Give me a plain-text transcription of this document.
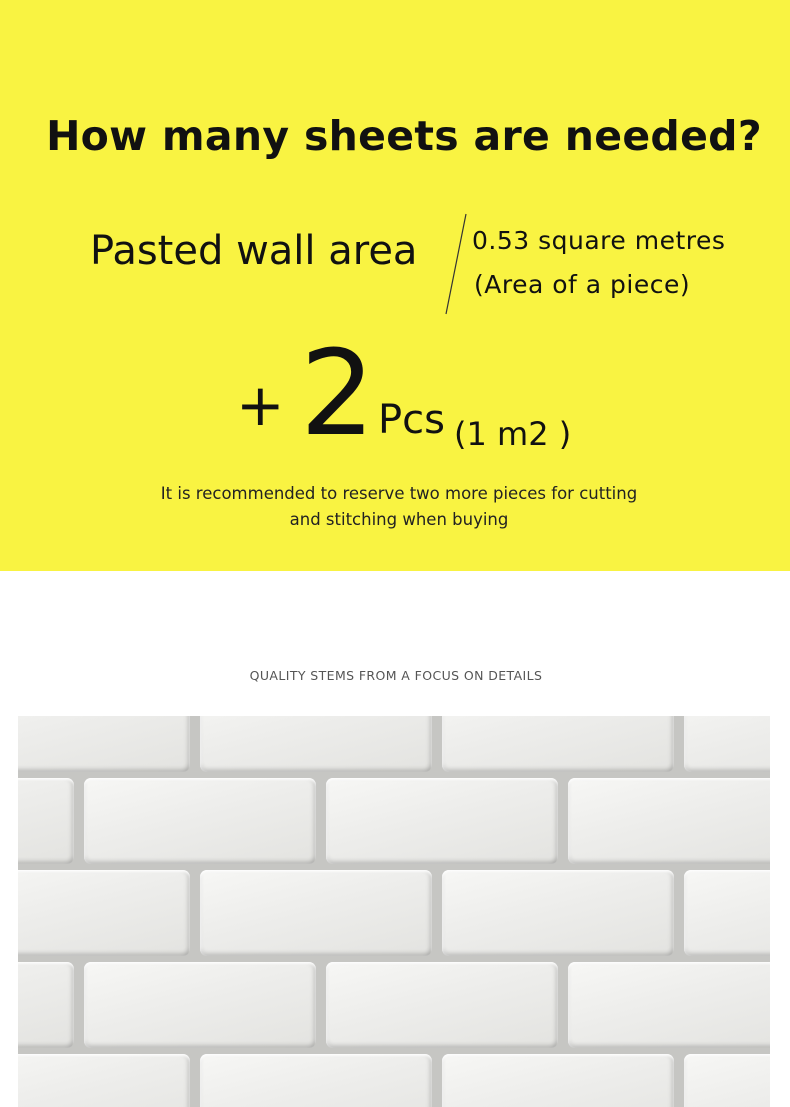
How many sheets are needed?
Pasted wall area 0.53 square metres
(Area of a piece)
+ 2 Pcs (1 m2 )
It is recommended to reserve two more pieces for cutting
and stitching when buying
QUALITY STEMS FROM A FOCUS ON DETAILS
